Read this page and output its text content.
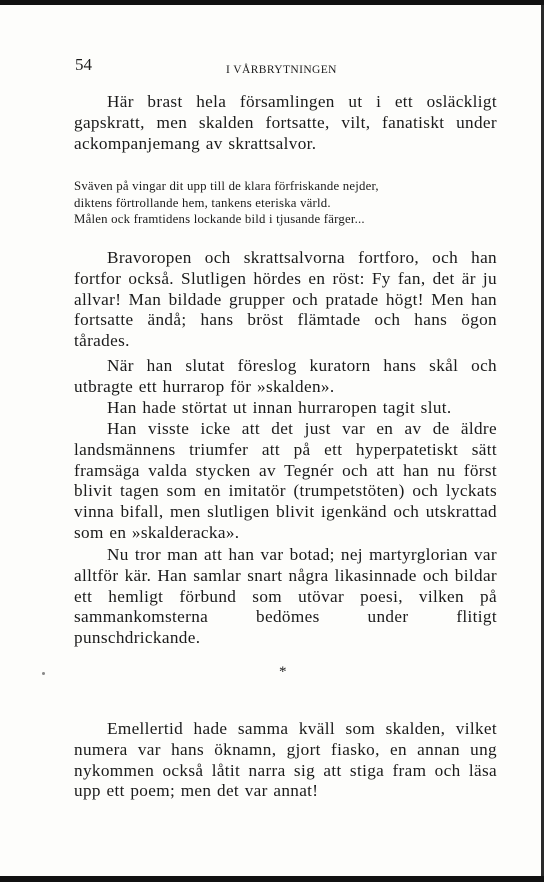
54	I VÅRBRYTNINGEN

Här brast hela församlingen ut i ett osläckligt gapskratt, men skalden fortsatte, vilt, fanatiskt under ackompanjemang av skrattsalvor.

Sväven på vingar dit upp till de klara förfriskande nejder,
diktens förtrollande hem, tankens eteriska värld.
Målen ock framtidens lockande bild i tjusande färger...

Bravoropen och skrattsalvorna fortforo, och han fortfor också. Slutligen hördes en röst: Fy fan, det är ju allvar! Man bildade grupper och pratade högt! Men han fortsatte ändå; hans bröst flämtade och hans ögon tårades.

När han slutat föreslog kuratorn hans skål och utbragte ett hurrarop för »skalden».

Han hade störtat ut innan hurraropen tagit slut.

Han visste icke att det just var en av de äldre landsmännens triumfer att på ett hyperpatetiskt sätt framsäga valda stycken av Tegnér och att han nu först blivit tagen som en imitatör (trumpetstöten) och lyckats vinna bifall, men slutligen blivit igenkänd och utskrattad som en »skalderacka».

Nu tror man att han var botad; nej martyrglorian var alltför kär. Han samlar snart några likasinnade och bildar ett hemligt förbund som utövar poesi, vilken på sammankomsterna bedömes under flitigt punschdrickande.

*

Emellertid hade samma kväll som skalden, vilket numera var hans öknamn, gjort fiasko, en annan ung nykommen också låtit narra sig att stiga fram och läsa upp ett poem; men det var annat!
